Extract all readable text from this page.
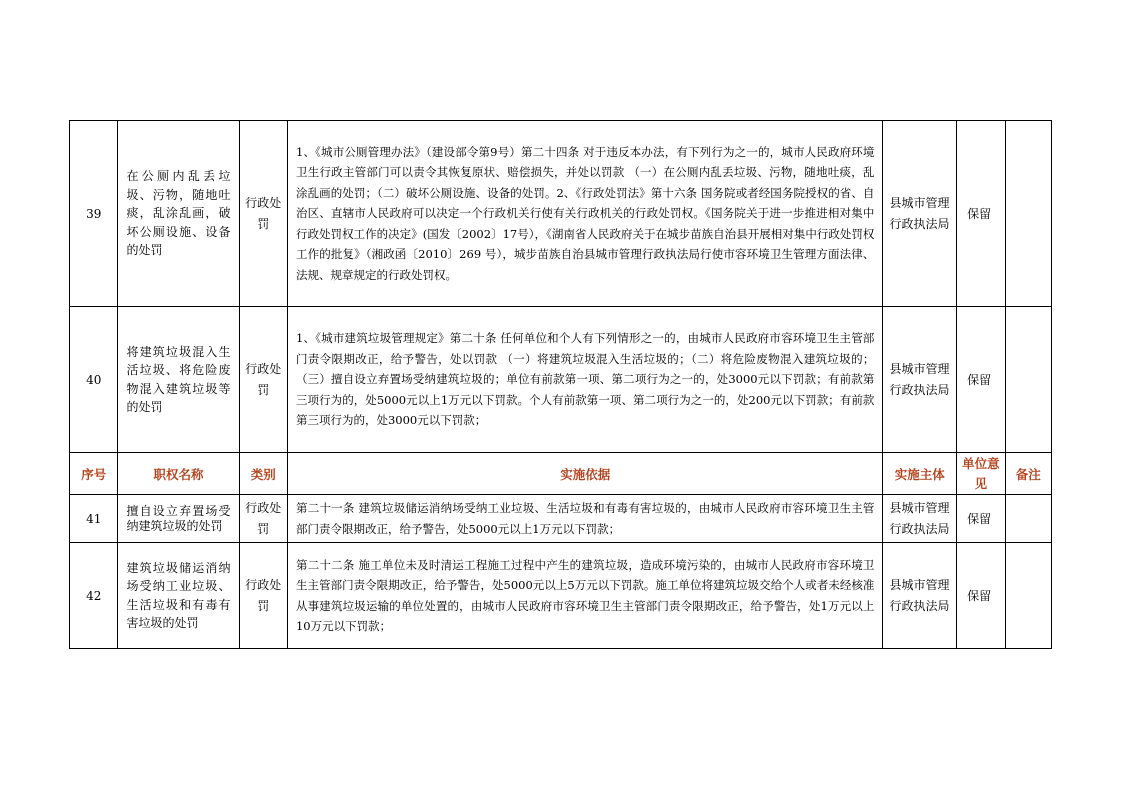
39	在公厕内乱丢垃圾、污物，随地吐痰，乱涂乱画，破坏公厕设施、设备的处罚	行政处罚	1、《城市公厕管理办法》（建设部令第9号）第二十四条 对于违反本办法，有下列行为之一的，城市人民政府环境卫生行政主管部门可以责令其恢复原状、赔偿损失，并处以罚款 （一）在公厕内乱丢垃圾、污物，随地吐痰，乱涂乱画的处罚；（二）破坏公厕设施、设备的处罚。2、《行政处罚法》第十六条 国务院或者经国务院授权的省、自治区、直辖市人民政府可以决定一个行政机关行使有关行政机关的行政处罚权。《国务院关于进一步推进相对集中行政处罚权工作的决定》(国发〔2002〕17号），《湖南省人民政府关于在城步苗族自治县开展相对集中行政处罚权工作的批复》（湘政函〔2010〕269 号），城步苗族自治县城市管理行政执法局行使市容环境卫生管理方面法律、法规、规章规定的行政处罚权。	县城市管理行政执法局	保留	
40	将建筑垃圾混入生活垃圾、将危险废物混入建筑垃圾等的处罚	行政处罚	1、《城市建筑垃圾管理规定》第二十条 任何单位和个人有下列情形之一的，由城市人民政府市容环境卫生主管部门责令限期改正，给予警告，处以罚款 （一）将建筑垃圾混入生活垃圾的；（二）将危险废物混入建筑垃圾的；（三）擅自设立弃置场受纳建筑垃圾的；单位有前款第一项、第二项行为之一的，处3000元以下罚款；有前款第三项行为的，处5000元以上1万元以下罚款。个人有前款第一项、第二项行为之一的，处200元以下罚款；有前款第三项行为的，处3000元以下罚款；	县城市管理行政执法局	保留	
序号	职权名称	类别	实施依据	实施主体	单位意见	备注
41	擅自设立弃置场受纳建筑垃圾的处罚	行政处罚	第二十一条 建筑垃圾储运消纳场受纳工业垃圾、生活垃圾和有毒有害垃圾的，由城市人民政府市容环境卫生主管部门责令限期改正，给予警告，处5000元以上1万元以下罚款；	县城市管理行政执法局	保留	
42	建筑垃圾储运消纳场受纳工业垃圾、生活垃圾和有毒有害垃圾的处罚	行政处罚	第二十二条 施工单位未及时清运工程施工过程中产生的建筑垃圾，造成环境污染的，由城市人民政府市容环境卫生主管部门责令限期改正，给予警告，处5000元以上5万元以下罚款。施工单位将建筑垃圾交给个人或者未经核准从事建筑垃圾运输的单位处置的，由城市人民政府市容环境卫生主管部门责令限期改正，给予警告，处1万元以上10万元以下罚款；	县城市管理行政执法局	保留	
